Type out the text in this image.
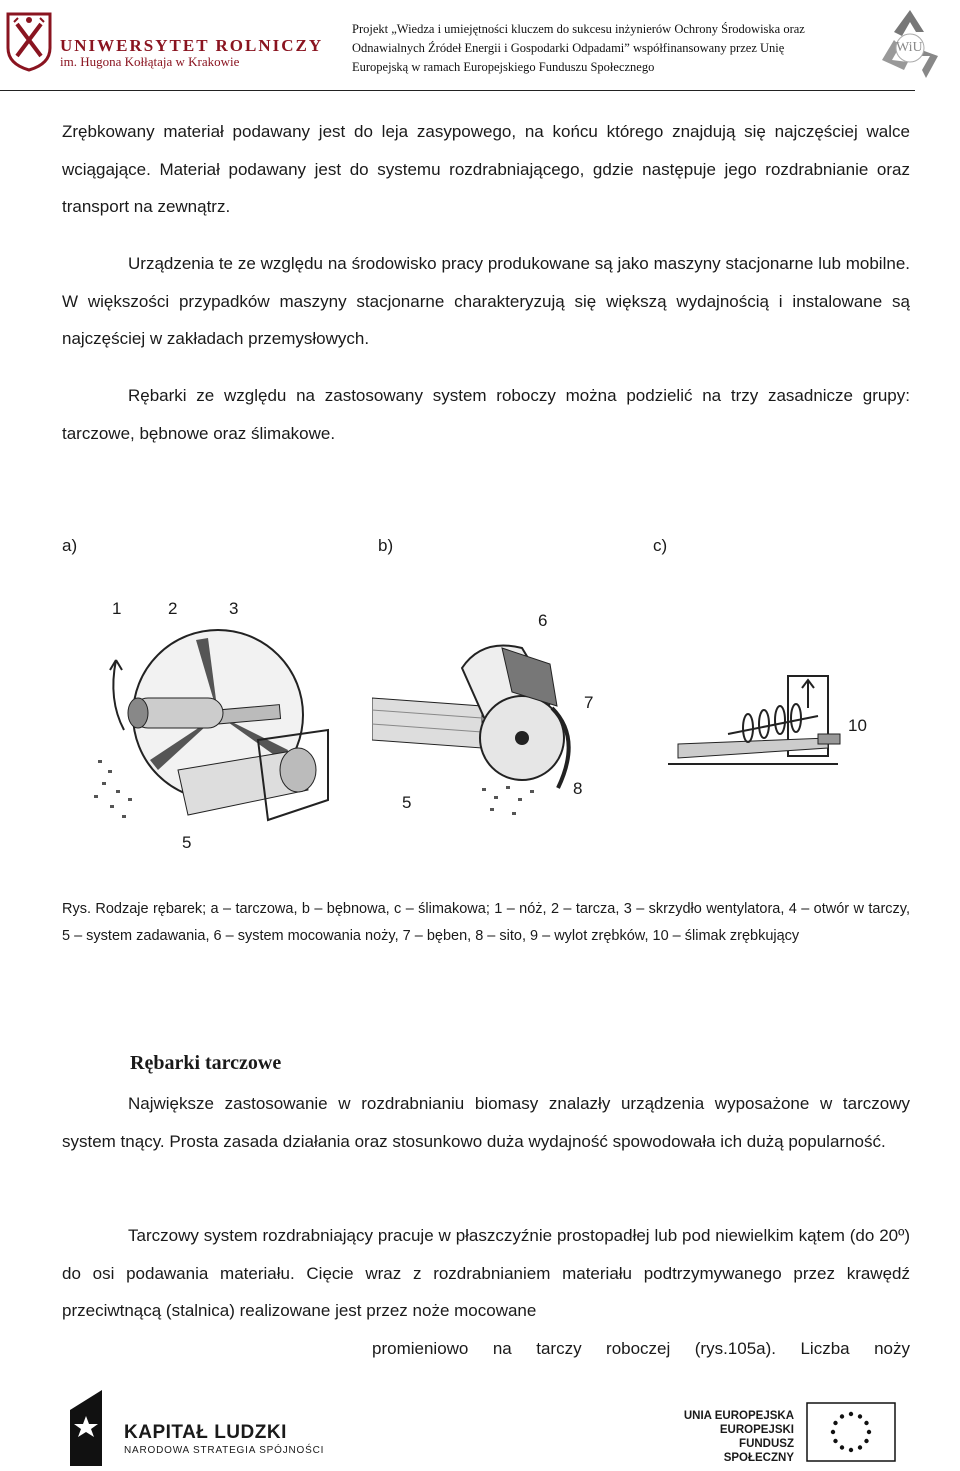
UNIWERSYTET ROLNICZY
im. Hugona Kołłątaja w Krakowie
Projekt „Wiedza i umiejętności kluczem do sukcesu inżynierów Ochrony Środowiska oraz
Odnawialnych Źródeł Energii i Gospodarki Odpadami” współfinansowany przez Unię
Europejską w ramach Europejskiego Funduszu Społecznego
WiU
Zrębkowany materiał podawany jest do leja zasypowego, na końcu którego znajdują się najczęściej walce wciągające. Materiał podawany jest do systemu rozdrabniającego, gdzie następuje jego rozdrabnianie oraz transport na zewnątrz.
Urządzenia te ze względu na środowisko pracy produkowane są jako maszyny stacjonarne lub mobilne. W większości przypadków maszyny stacjonarne charakteryzują się większą wydajnością i instalowane są najczęściej w zakładach przemysłowych.
Rębarki ze względu na zastosowany system roboczy można podzielić na trzy zasadnicze grupy: tarczowe, bębnowe oraz ślimakowe.
a)	b)	c)
1	2	3
5
6
7
5
8
10
Rys. Rodzaje rębarek; a – tarczowa, b – bębnowa, c – ślimakowa; 1 – nóż, 2 – tarcza, 3 – skrzydło wentylatora, 4 – otwór w tarczy, 5 – system zadawania, 6 – system mocowania noży, 7 – bęben, 8 – sito, 9 – wylot zrębków, 10 – ślimak zrębkujący
Rębarki tarczowe
Największe zastosowanie w rozdrabnianiu biomasy znalazły urządzenia wyposażone w tarczowy system tnący. Prosta zasada działania oraz stosunkowo duża wydajność spowodowała ich dużą popularność.
Tarczowy system rozdrabniający pracuje w płaszczyźnie prostopadłej lub pod niewielkim kątem (do 20º) do osi podawania materiału. Cięcie wraz z rozdrabnianiem materiału podtrzymywanego przez krawędź przeciwtnącą (stalnica) realizowane jest przez noże mocowane
promieniowo na tarczy roboczej (rys.105a). Liczba noży
KAPITAŁ LUDZKI
NARODOWA STRATEGIA SPÓJNOŚCI
UNIA EUROPEJSKA
EUROPEJSKI
FUNDUSZ SPOŁECZNY
